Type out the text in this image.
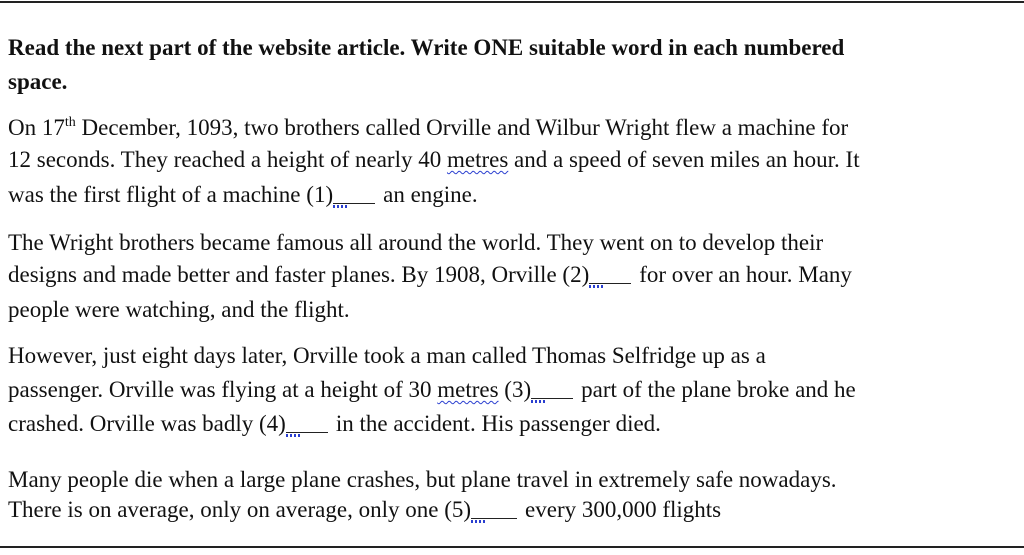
Read the next part of the website article. Write ONE suitable word in each numbered
space.
On 17th December, 1093, two brothers called Orville and Wilbur Wright flew a machine for
12 seconds. They reached a height of nearly 40 metres and a speed of seven miles an hour. It
was the first flight of a machine (1) an engine.
The Wright brothers became famous all around the world. They went on to develop their
designs and made better and faster planes. By 1908, Orville (2) for over an hour. Many
people were watching, and the flight.
However, just eight days later, Orville took a man called Thomas Selfridge up as a
passenger. Orville was flying at a height of 30 metres (3) part of the plane broke and he
crashed. Orville was badly (4) in the accident. His passenger died.
Many people die when a large plane crashes, but plane travel in extremely safe nowadays.
There is on average, only on average, only one (5) every 300,000 flights
